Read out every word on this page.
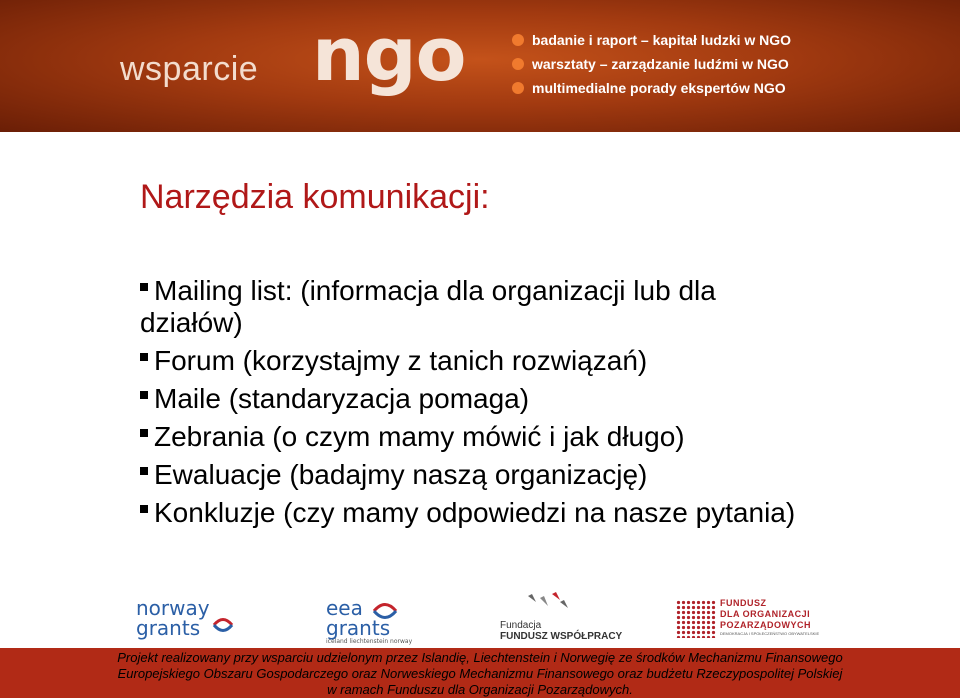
wsparcie ngo	badanie i raport – kapitał ludzki w NGO
warsztaty – zarządzanie ludźmi w NGO
multimedialne porady ekspertów NGO
Narzędzia komunikacji:
Mailing list: (informacja dla organizacji lub dla działów)
Forum (korzystajmy z tanich rozwiązań)
Maile (standaryzacja pomaga)
Zebrania (o czym mamy mówić i jak długo)
Ewaluacje (badajmy naszą organizację)
Konkluzje (czy mamy odpowiedzi na nasze pytania)
norway
grants
eea
grants
iceland liechtenstein norway
Fundacja
FUNDUSZ WSPÓŁPRACY
FUNDUSZ
DLA ORGANIZACJI
POZARZĄDOWYCH
DEMOKRACJA I SPOŁECZEŃSTWO OBYWATELSKIE
Projekt realizowany przy wsparciu udzielonym przez Islandię, Liechtenstein i Norwegię ze środków Mechanizmu Finansowego
Europejskiego Obszaru Gospodarczego oraz Norweskiego Mechanizmu Finansowego oraz budżetu Rzeczypospolitej Polskiej
w ramach Funduszu dla Organizacji Pozarządowych.
